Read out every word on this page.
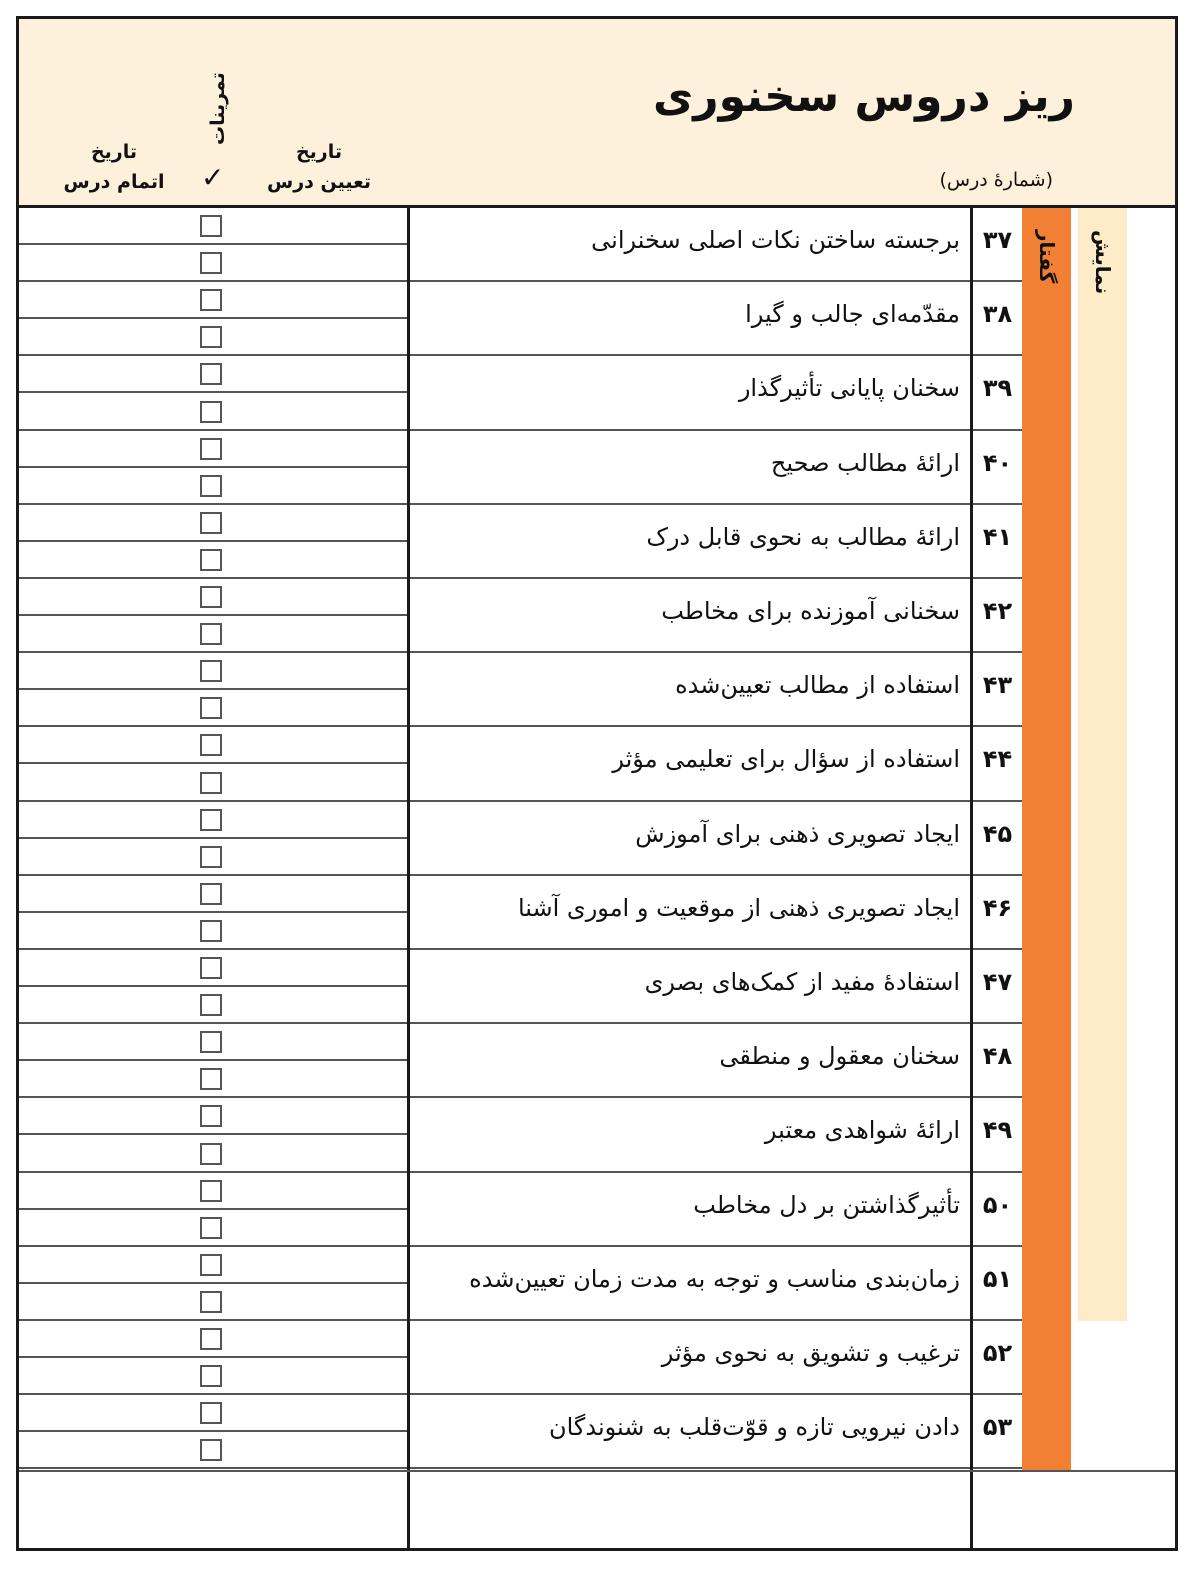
ریز دروس سخنوری
(شمارهٔ درس)
تاریخ
تعیین درس
تمرینات
✓
تاریخ
اتمام درس
برجسته ساختن نکات اصلی سخنرانی
مقدّمه‌ای جالب و گیرا
سخنان پایانی تأثیرگذار
ارائهٔ مطالب صحیح
ارائهٔ مطالب به نحوی قابل درک
سخنانی آموزنده برای مخاطب
استفاده از مطالب تعیین‌شده
استفاده از سؤال برای تعلیمی مؤثر
ایجاد تصویری ذهنی برای آموزش
ایجاد تصویری ذهنی از موقعیت و اموری آشنا
استفادهٔ مفید از کمک‌های بصری
سخنان معقول و منطقی
ارائهٔ شواهدی معتبر
تأثیرگذاشتن بر دل مخاطب
زمان‌بندی مناسب و توجه به مدت زمان تعیین‌شده
ترغیب و تشویق به نحوی مؤثر
دادن نیرویی تازه و قوّت‌قلب به شنوندگان
۳۷
۳۸
۳۹
۴۰
۴۱
۴۲
۴۳
۴۴
۴۵
۴۶
۴۷
۴۸
۴۹
۵۰
۵۱
۵۲
۵۳
گفتار نمایش
